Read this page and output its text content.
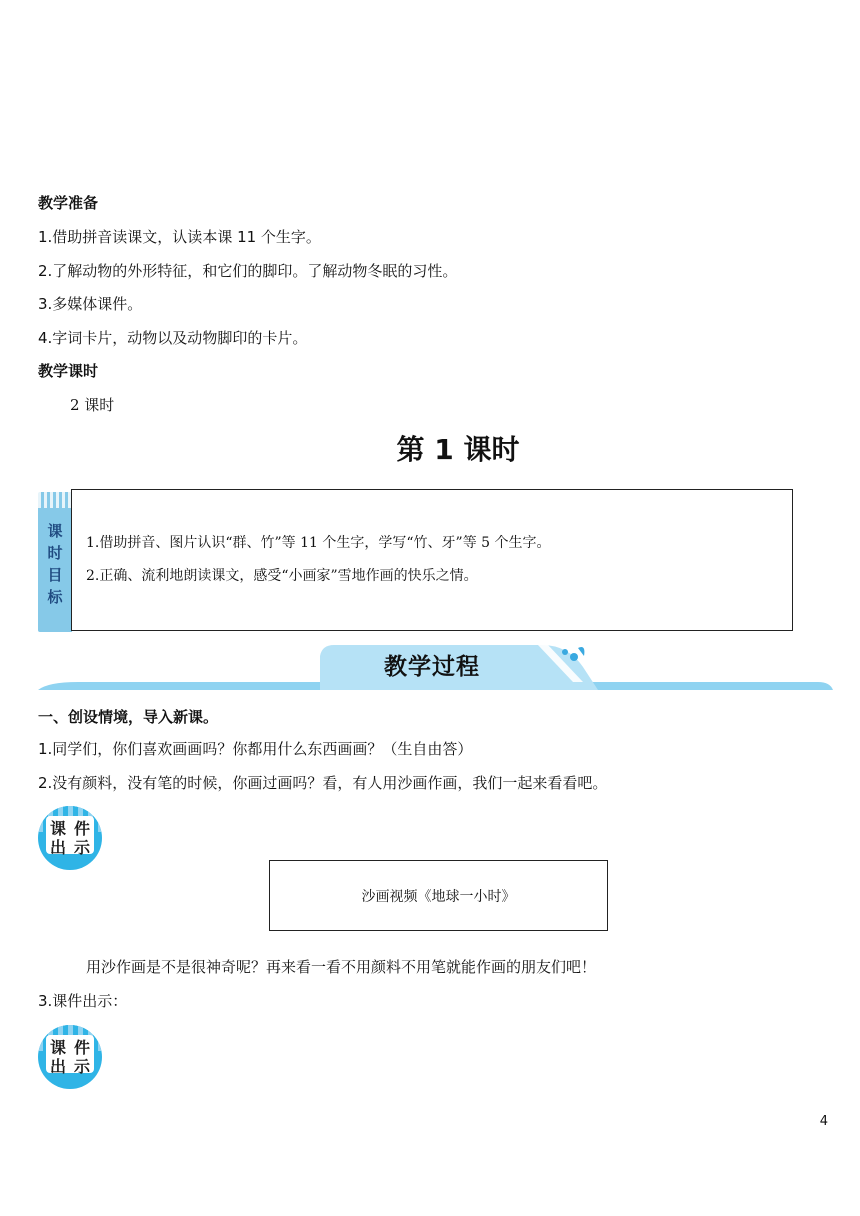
教学准备
1.借助拼音读课文，认读本课 11 个生字。
2.了解动物的外形特征，和它们的脚印。了解动物冬眠的习性。
3.多媒体课件。
4.字词卡片，动物以及动物脚印的卡片。
教学课时
2 课时
第 1 课时
课
时
目
标
1.借助拼音、图片认识“群、竹”等 11 个生字，学写“竹、牙”等 5 个生字。
2.正确、流利地朗读课文，感受“小画家”雪地作画的快乐之情。
教学过程
一、创设情境，导入新课。
1.同学们，你们喜欢画画吗？你都用什么东西画画？（生自由答）
2.没有颜料，没有笔的时候，你画过画吗？看，有人用沙画作画，我们一起来看看吧。
课 件
出 示
沙画视频《地球一小时》
用沙作画是不是很神奇呢？再来看一看不用颜料不用笔就能作画的朋友们吧！
3.课件出示：
课 件
出 示
4
